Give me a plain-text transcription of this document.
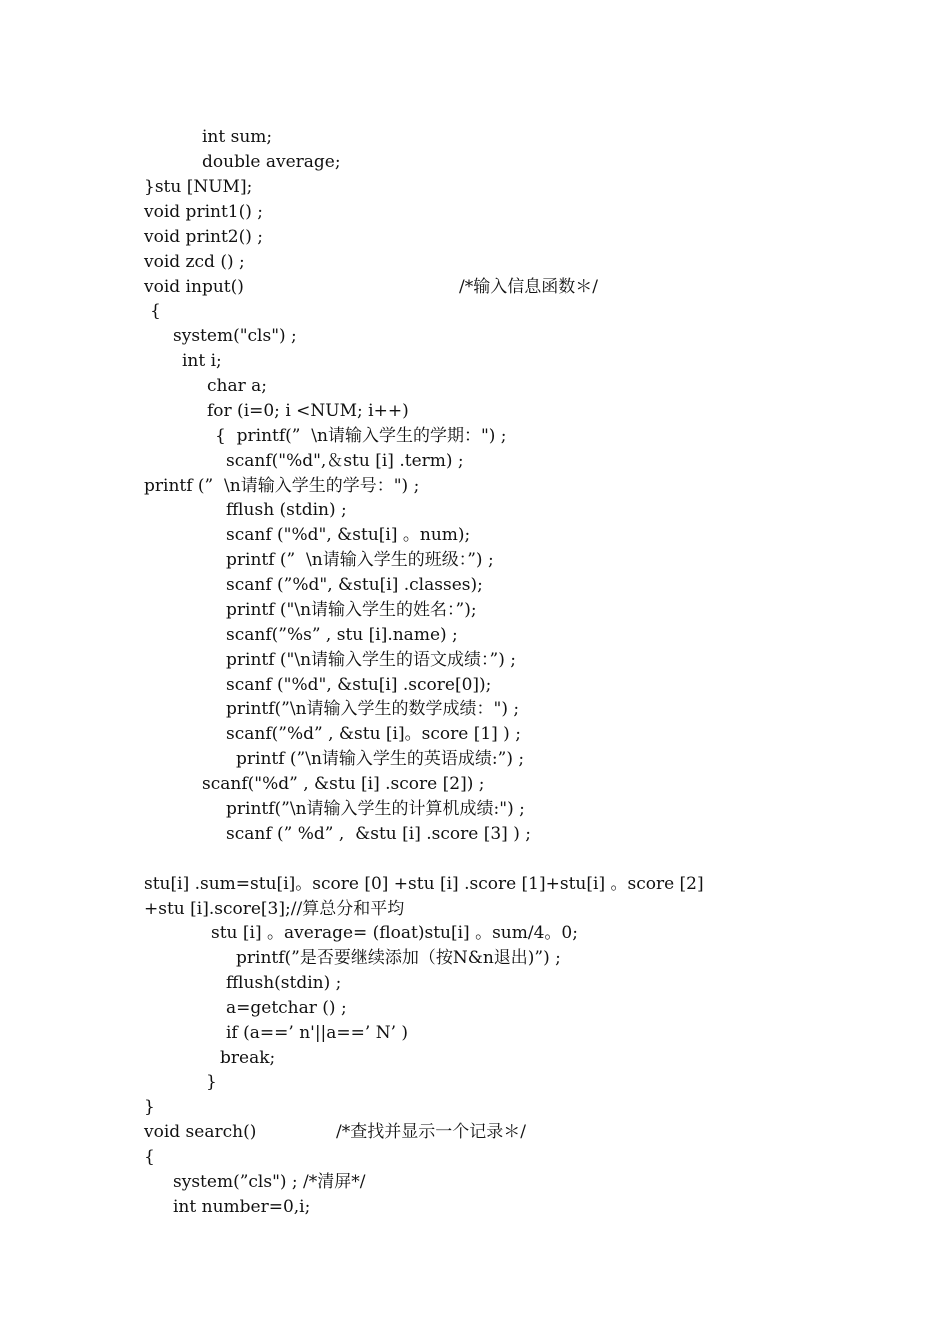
int sum;
double average;
}stu [NUM];
void print1() ;
void print2() ;
void zcd () ;
void input()	/*输入信息函数＊/
{
system("cls") ;
int i;
char a;
for (i=0; i <NUM; i++)
{  printf(”  \n请输入学生的学期：") ;
scanf("%d",＆stu [i] .term) ;
printf (”  \n请输入学生的学号：") ;
fflush (stdin) ;
scanf ("%d", &stu[i] 。num);
printf (”  \n请输入学生的班级：”) ;
scanf (”%d", &stu[i] .classes);
printf ("\n请输入学生的姓名：”);
scanf(”%s” , stu [i].name) ;
printf ("\n请输入学生的语文成绩：”) ;
scanf ("%d", &stu[i] .score[0]);
printf(”\n请输入学生的数学成绩：") ;
scanf(”%d” , &stu [i]。score [1] ) ;
printf (”\n请输入学生的英语成绩:”) ;
scanf("%d” , &stu [i] .score [2]) ;
printf(”\n请输入学生的计算机成绩:") ;
scanf (” %d” ,  &stu [i] .score [3] ) ;
stu[i] .sum=stu[i]。score [0] +stu [i] .score [1]+stu[i] 。score [2]
+stu [i].score[3];//算总分和平均
stu [i] 。average= (float)stu[i] 。sum/4。0;
printf(”是否要继续添加（按N&n退出)”) ;
fflush(stdin) ;
a=getchar () ;
if (a==’ n'||a==’ N’ )
break;
}
}
void search()	/*查找并显示一个记录＊/
{
system(”cls") ; /*清屏*/
int number=0,i;
